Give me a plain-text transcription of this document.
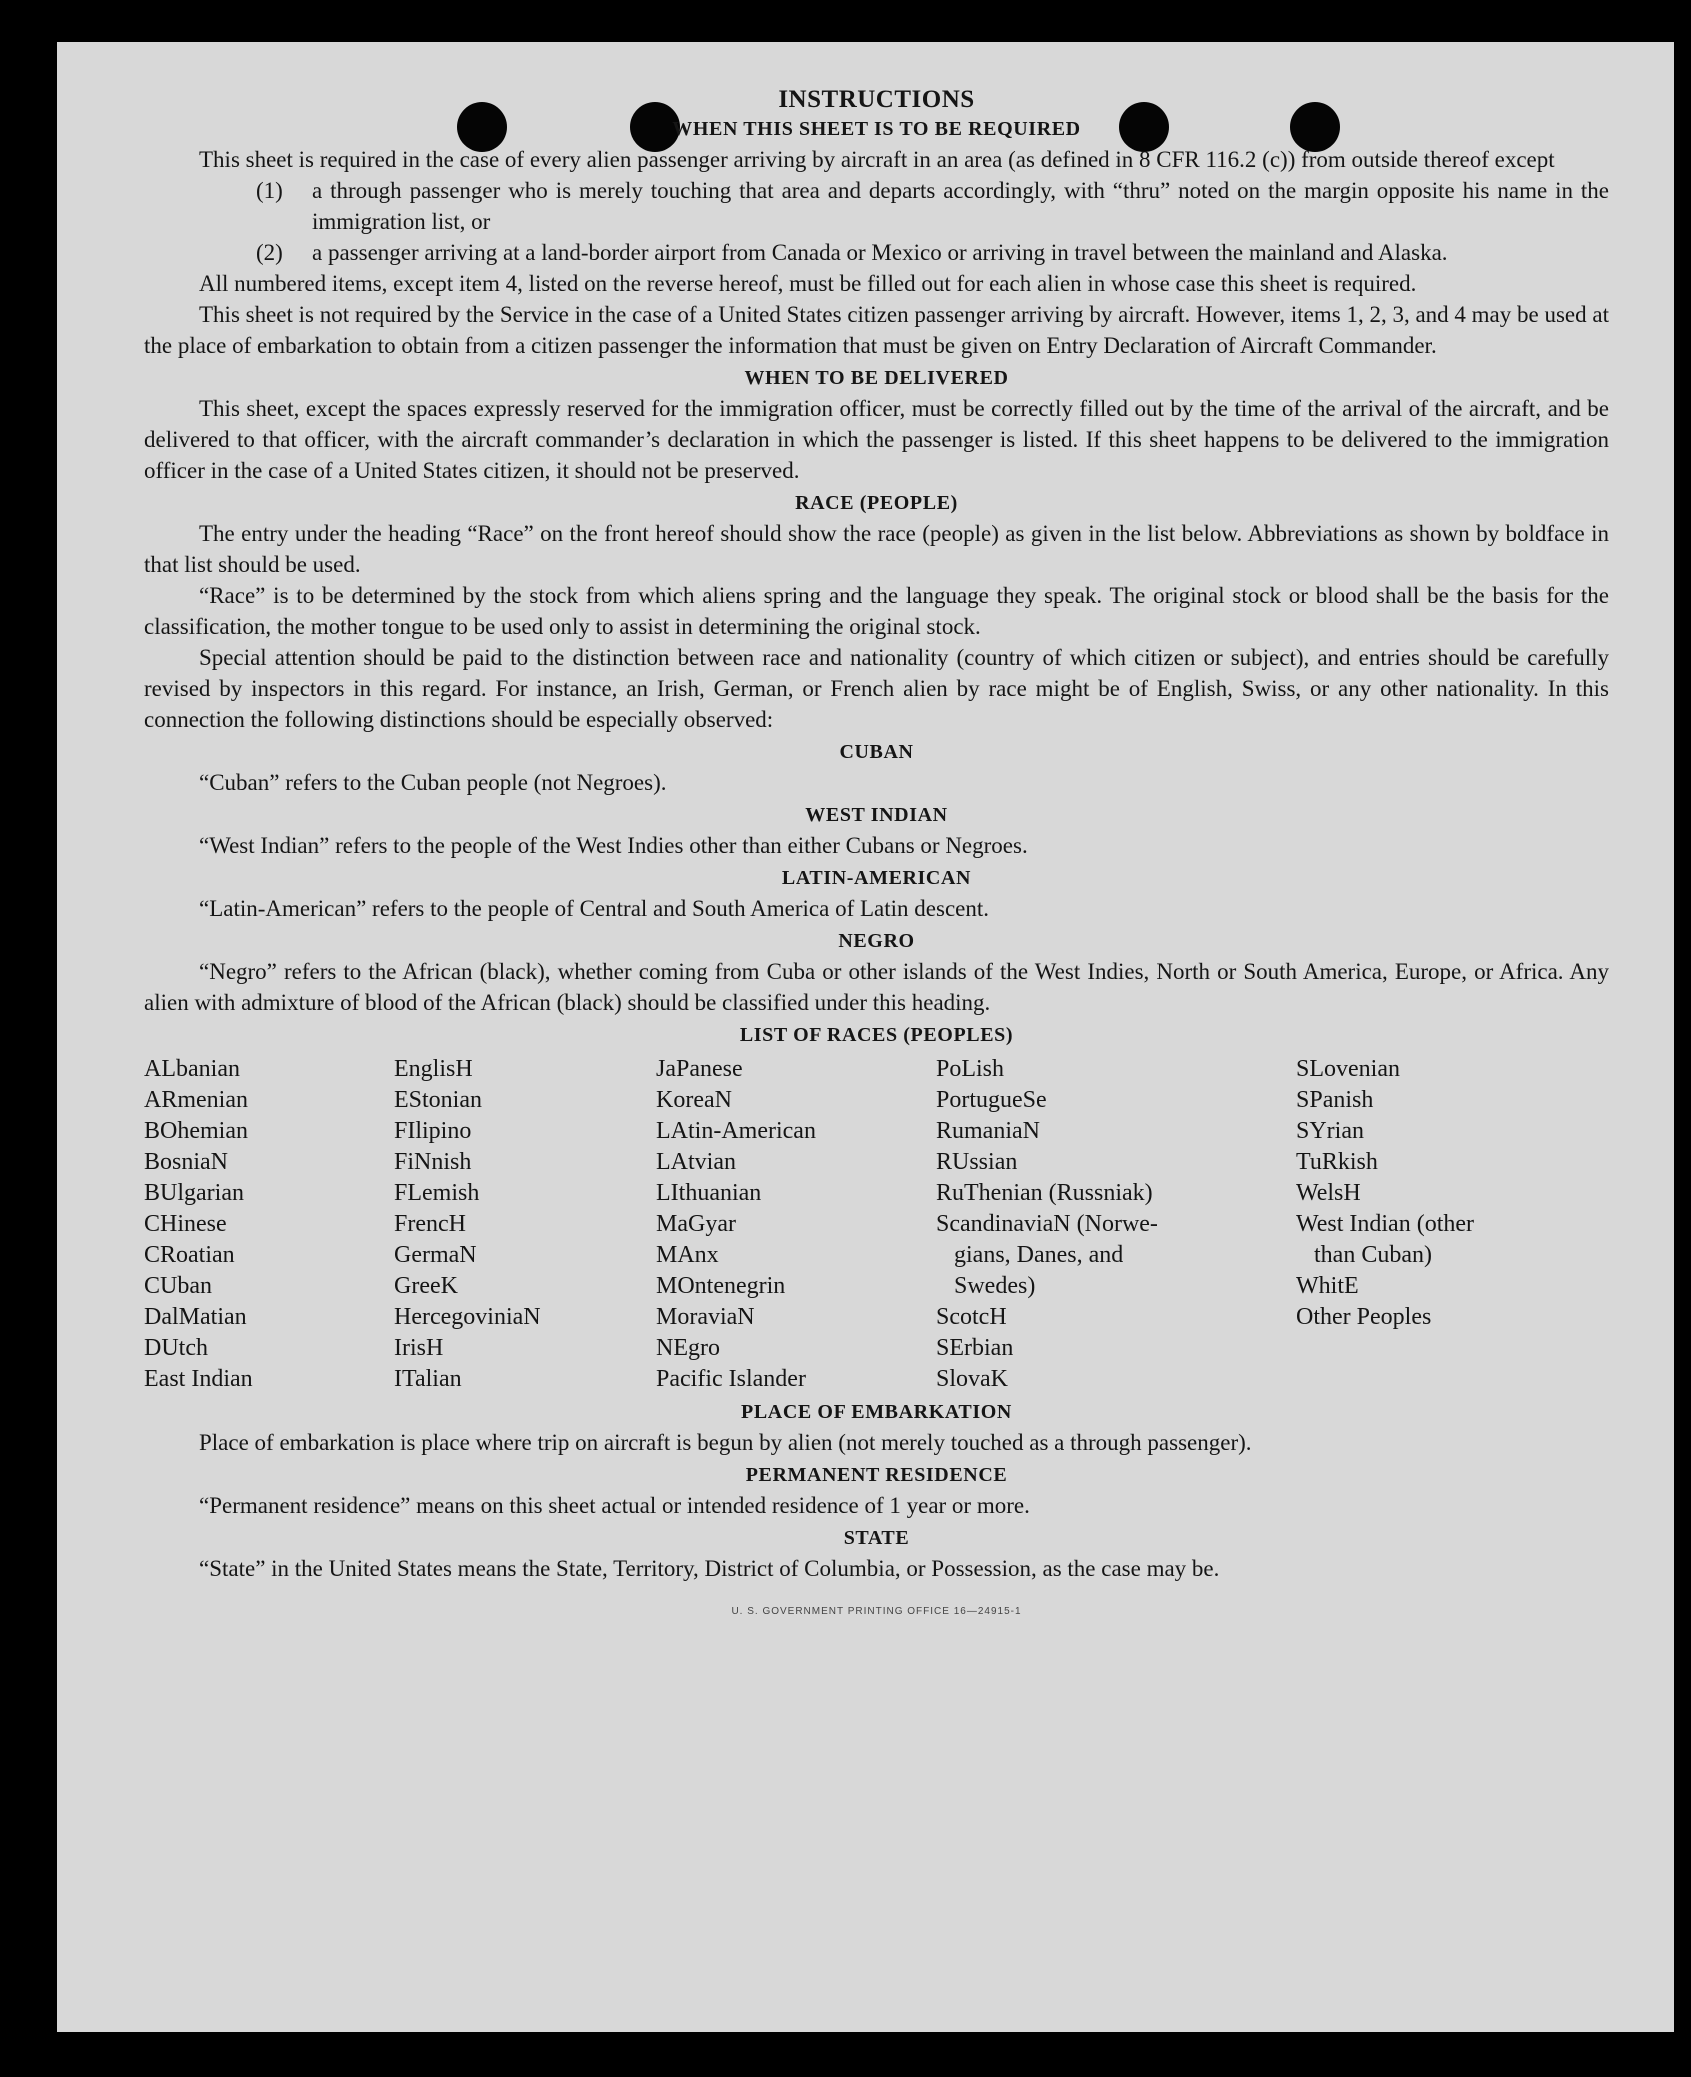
INSTRUCTIONS
WHEN THIS SHEET IS TO BE REQUIRED

This sheet is required in the case of every alien passenger arriving by aircraft in an area (as defined in 8 CFR 116.2 (c)) from outside thereof except

(1)	a through passenger who is merely touching that area and departs accordingly, with “thru” noted on the margin opposite his name in the immigration list, or
(2)	a passenger arriving at a land-border airport from Canada or Mexico or arriving in travel between the mainland and Alaska.

All numbered items, except item 4, listed on the reverse hereof, must be filled out for each alien in whose case this sheet is required.

This sheet is not required by the Service in the case of a United States citizen passenger arriving by aircraft. However, items 1, 2, 3, and 4 may be used at the place of embarkation to obtain from a citizen passenger the information that must be given on Entry Declaration of Aircraft Commander.

WHEN TO BE DELIVERED

This sheet, except the spaces expressly reserved for the immigration officer, must be correctly filled out by the time of the arrival of the aircraft, and be delivered to that officer, with the aircraft commander’s declaration in which the passenger is listed. If this sheet happens to be delivered to the immigration officer in the case of a United States citizen, it should not be preserved.

RACE (PEOPLE)

The entry under the heading “Race” on the front hereof should show the race (people) as given in the list below. Abbreviations as shown by boldface in that list should be used.

“Race” is to be determined by the stock from which aliens spring and the language they speak. The original stock or blood shall be the basis for the classification, the mother tongue to be used only to assist in determining the original stock.

Special attention should be paid to the distinction between race and nationality (country of which citizen or subject), and entries should be carefully revised by inspectors in this regard. For instance, an Irish, German, or French alien by race might be of English, Swiss, or any other nationality. In this connection the following distinctions should be especially observed:

CUBAN

“Cuban” refers to the Cuban people (not Negroes).

WEST INDIAN

“West Indian” refers to the people of the West Indies other than either Cubans or Negroes.

LATIN-AMERICAN

“Latin-American” refers to the people of Central and South America of Latin descent.

NEGRO

“Negro” refers to the African (black), whether coming from Cuba or other islands of the West Indies, North or South America, Europe, or Africa. Any alien with admixture of blood of the African (black) should be classified under this heading.

LIST OF RACES (PEOPLES)
ALbanian
ARmenian
BOhemian
BosniaN
BUlgarian
CHinese
CRoatian
CUban
DalMatian
DUtch
East Indian
EnglisH
EStonian
FIlipino
FiNnish
FLemish
FrencH
GermaN
GreeK
HercegoviniaN
IrisH
ITalian
JaPanese
KoreaN
LAtin-American
LAtvian
LIthuanian
MaGyar
MAnx
MOntenegrin
MoraviaN
NEgro
Pacific Islander
PoLish
PortugueSe
RumaniaN
RUssian
RuThenian (Russniak)
ScandinaviaN (Norwe-
gians, Danes, and
Swedes)
ScotcH
SErbian
SlovaK
SLovenian
SPanish
SYrian
TuRkish
WelsH
West Indian (other
than Cuban)
WhitE
Other Peoples
PLACE OF EMBARKATION

Place of embarkation is place where trip on aircraft is begun by alien (not merely touched as a through passenger).

PERMANENT RESIDENCE

“Permanent residence” means on this sheet actual or intended residence of 1 year or more.

STATE

“State” in the United States means the State, Territory, District of Columbia, or Possession, as the case may be.

U. S. GOVERNMENT PRINTING OFFICE 16—24915-1
